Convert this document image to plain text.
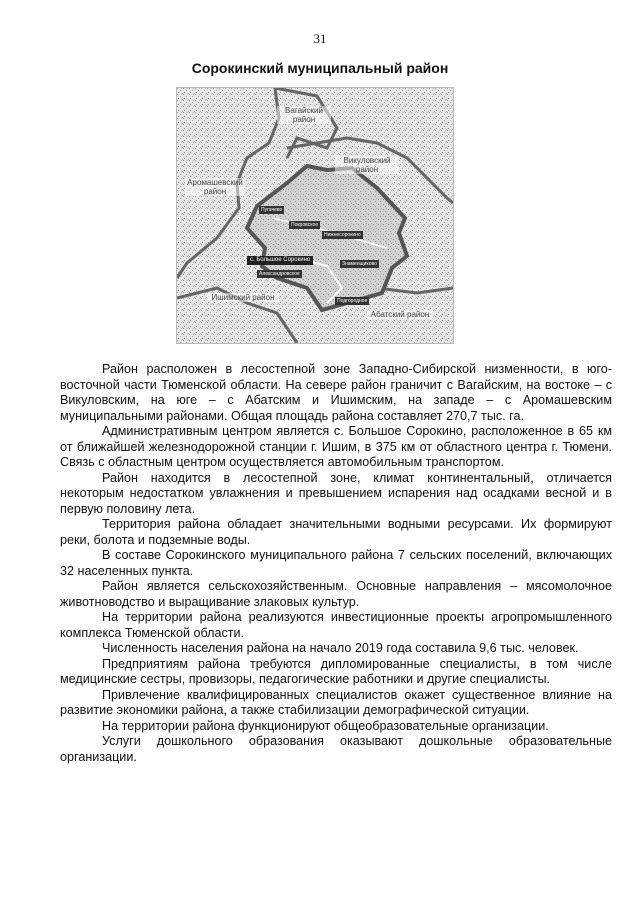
31
Сорокинский муниципальный район
Вагайский район
Викуловский район
Аромашевский район
Ишимский район
Абатский район
Пугачево
Покровское
Нижнесорокино
с. Большое Сорокино
Знаменщиково
Александровское
Подгородное

Район расположен в лесостепной зоне Западно-Сибирской низменности, в юго-восточной части Тюменской области. На севере район граничит с Вагайским, на востоке – с Викуловским, на юге – с Абатским и Ишимским, на западе – с Аромашевским муниципальными районами. Общая площадь района составляет 270,7 тыс. га.

Административным центром является с. Большое Сорокино, расположенное в 65 км от ближайшей железнодорожной станции г. Ишим, в 375 км от областного центра г. Тюмени. Связь с областным центром осуществляется автомобильным транспортом.

Район находится в лесостепной зоне, климат континентальный, отличается некоторым недостатком увлажнения и превышением испарения над осадками весной и в первую половину лета.

Территория района обладает значительными водными ресурсами. Их формируют реки, болота и подземные воды.

В составе Сорокинского муниципального района 7 сельских поселений, включающих 32 населенных пункта.

Район является сельскохозяйственным. Основные направления – мясомолочное животноводство и выращивание злаковых культур.

На территории района реализуются инвестиционные проекты агропромышленного комплекса Тюменской области.

Численность населения района на начало 2019 года составила 9,6 тыс. человек.

Предприятиям района требуются дипломированные специалисты, в том числе медицинские сестры, провизоры, педагогические работники и другие специалисты.

Привлечение квалифицированных специалистов окажет существенное влияние на развитие экономики района, а также стабилизации демографической ситуации.

На территории района функционируют общеобразовательные организации.

Услуги дошкольного образования оказывают дошкольные образовательные организации.
